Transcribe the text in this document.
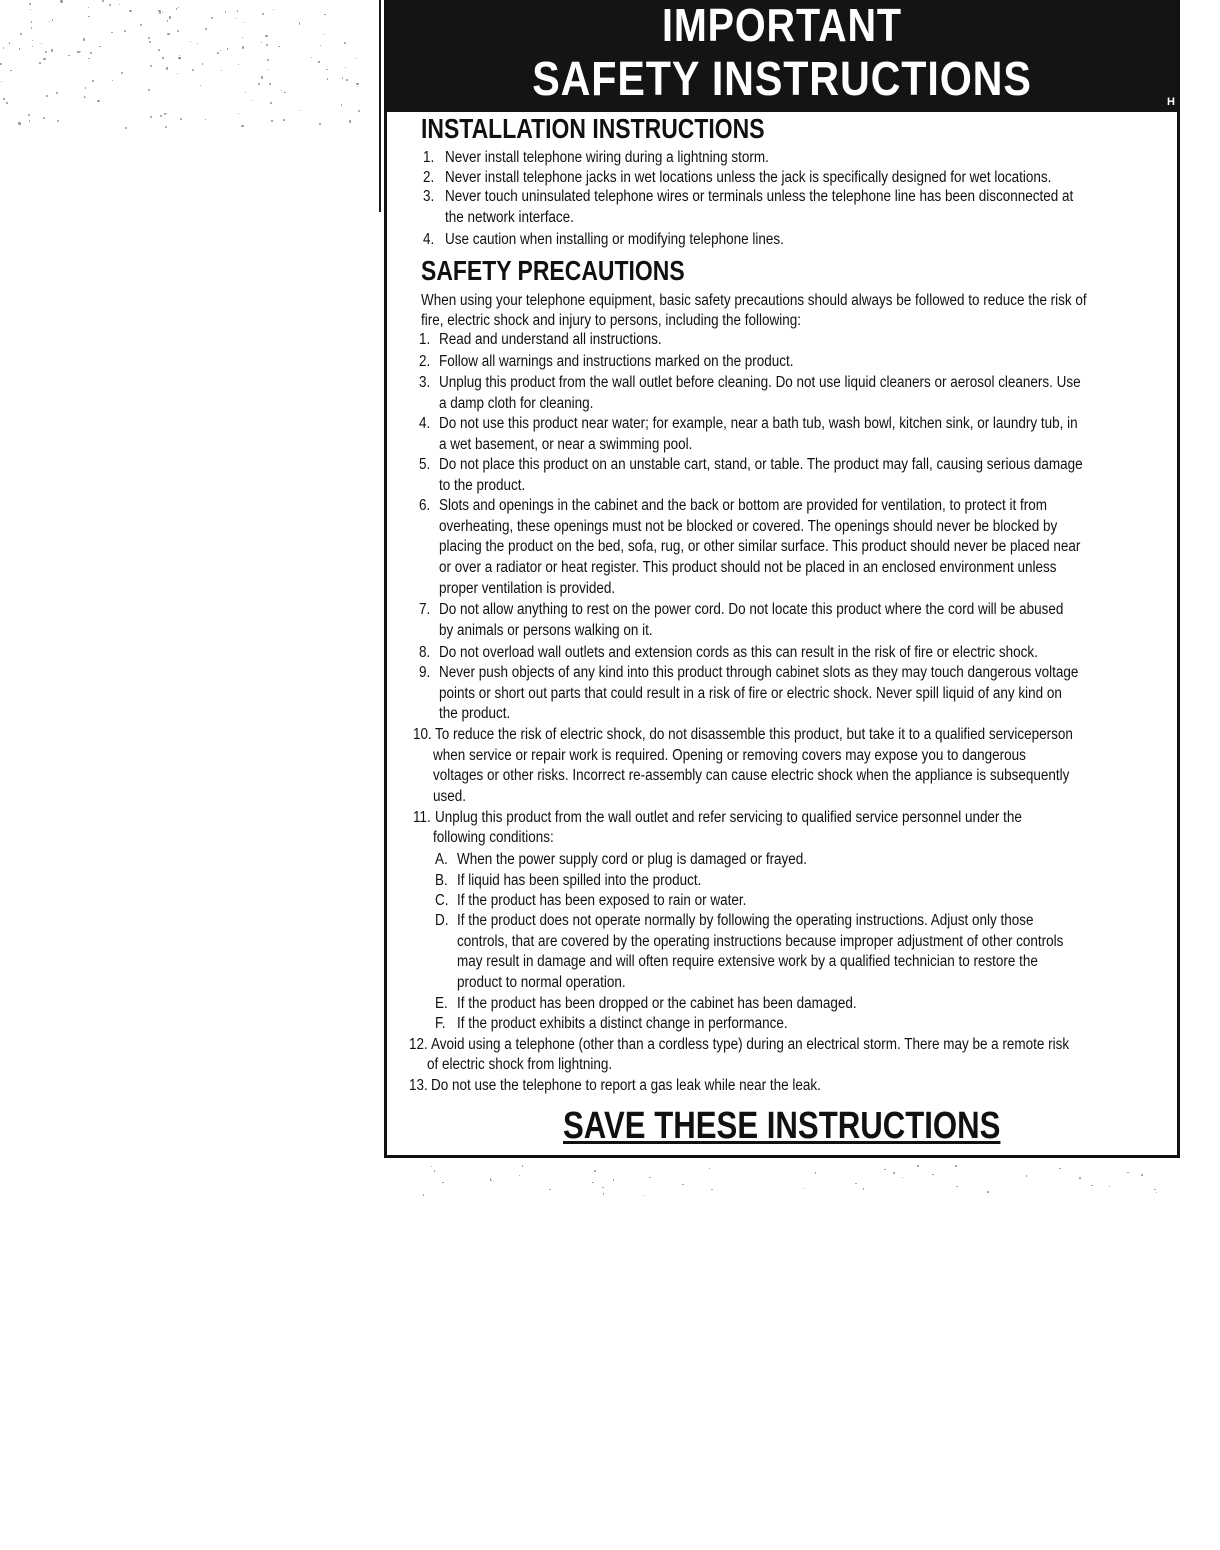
IMPORTANT
SAFETY INSTRUCTIONS	H
INSTALLATION INSTRUCTIONS
SAFETY PRECAUTIONS
1. Never install telephone wiring during a lightning storm.
2. Never install telephone jacks in wet locations unless the jack is specifically designed for wet locations.
3. Never touch uninsulated telephone wires or terminals unless the telephone line has been disconnected at
the network interface.
4. Use caution when installing or modifying telephone lines.
When using your telephone equipment, basic safety precautions should always be followed to reduce the risk of
fire, electric shock and injury to persons, including the following:
1. Read and understand all instructions.
2. Follow all warnings and instructions marked on the product.
3. Unplug this product from the wall outlet before cleaning. Do not use liquid cleaners or aerosol cleaners. Use
a damp cloth for cleaning.
4. Do not use this product near water; for example, near a bath tub, wash bowl, kitchen sink, or laundry tub, in
a wet basement, or near a swimming pool.
5. Do not place this product on an unstable cart, stand, or table. The product may fall, causing serious damage
to the product.
6. Slots and openings in the cabinet and the back or bottom are provided for ventilation, to protect it from
overheating, these openings must not be blocked or covered. The openings should never be blocked by
placing the product on the bed, sofa, rug, or other similar surface. This product should never be placed near
or over a radiator or heat register. This product should not be placed in an enclosed environment unless
proper ventilation is provided.
7. Do not allow anything to rest on the power cord. Do not locate this product where the cord will be abused
by animals or persons walking on it.
8. Do not overload wall outlets and extension cords as this can result in the risk of fire or electric shock.
9. Never push objects of any kind into this product through cabinet slots as they may touch dangerous voltage
points or short out parts that could result in a risk of fire or electric shock. Never spill liquid of any kind on
the product.
10. To reduce the risk of electric shock, do not disassemble this product, but take it to a qualified serviceperson
when service or repair work is required. Opening or removing covers may expose you to dangerous
voltages or other risks. Incorrect re-assembly can cause electric shock when the appliance is subsequently
used.
11. Unplug this product from the wall outlet and refer servicing to qualified service personnel under the
following conditions:
A. When the power supply cord or plug is damaged or frayed.
B. If liquid has been spilled into the product.
C. If the product has been exposed to rain or water.
D. If the product does not operate normally by following the operating instructions. Adjust only those
controls, that are covered by the operating instructions because improper adjustment of other controls
may result in damage and will often require extensive work by a qualified technician to restore the
product to normal operation.
E. If the product has been dropped or the cabinet has been damaged.
F. If the product exhibits a distinct change in performance.
12. Avoid using a telephone (other than a cordless type) during an electrical storm. There may be a remote risk
of electric shock from lightning.
13. Do not use the telephone to report a gas leak while near the leak.
SAVE THESE INSTRUCTIONS
